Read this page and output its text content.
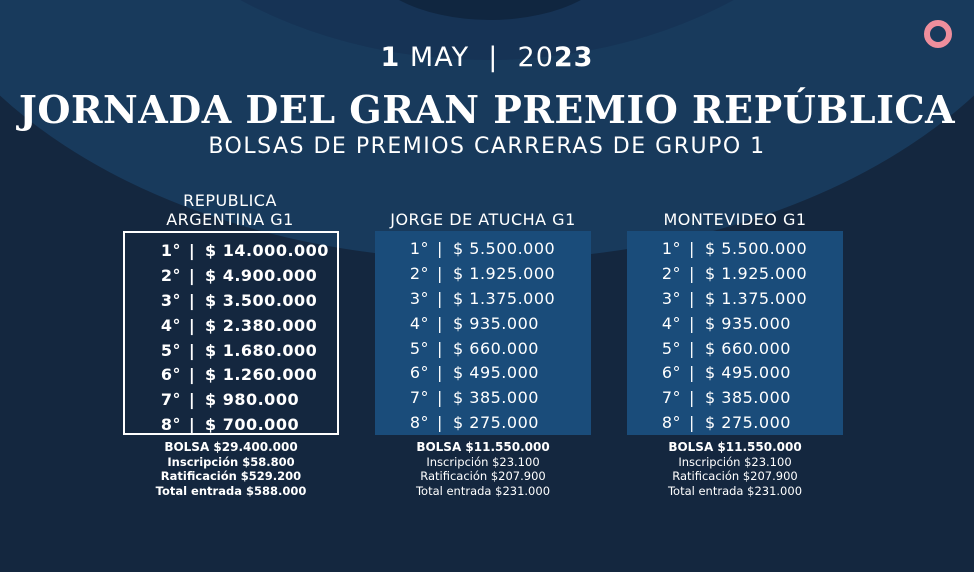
1 MAY | 2023
JORNADA DEL GRAN PREMIO REPÚBLICA
BOLSAS DE PREMIOS CARRERAS DE GRUPO 1
REPUBLICA
ARGENTINA G1
1° | $ 14.000.000
2° | $ 4.900.000
3° | $ 3.500.000
4° | $ 2.380.000
5° | $ 1.680.000
6° | $ 1.260.000
7° | $ 980.000
8° | $ 700.000
BOLSA $29.400.000
Inscripción $58.800
Ratificación $529.200
Total entrada $588.000
JORGE DE ATUCHA G1
1° | $ 5.500.000
2° | $ 1.925.000
3° | $ 1.375.000
4° | $ 935.000
5° | $ 660.000
6° | $ 495.000
7° | $ 385.000
8° | $ 275.000
BOLSA $11.550.000
Inscripción $23.100
Ratificación $207.900
Total entrada $231.000
MONTEVIDEO G1
1° | $ 5.500.000
2° | $ 1.925.000
3° | $ 1.375.000
4° | $ 935.000
5° | $ 660.000
6° | $ 495.000
7° | $ 385.000
8° | $ 275.000
BOLSA $11.550.000
Inscripción $23.100
Ratificación $207.900
Total entrada $231.000
